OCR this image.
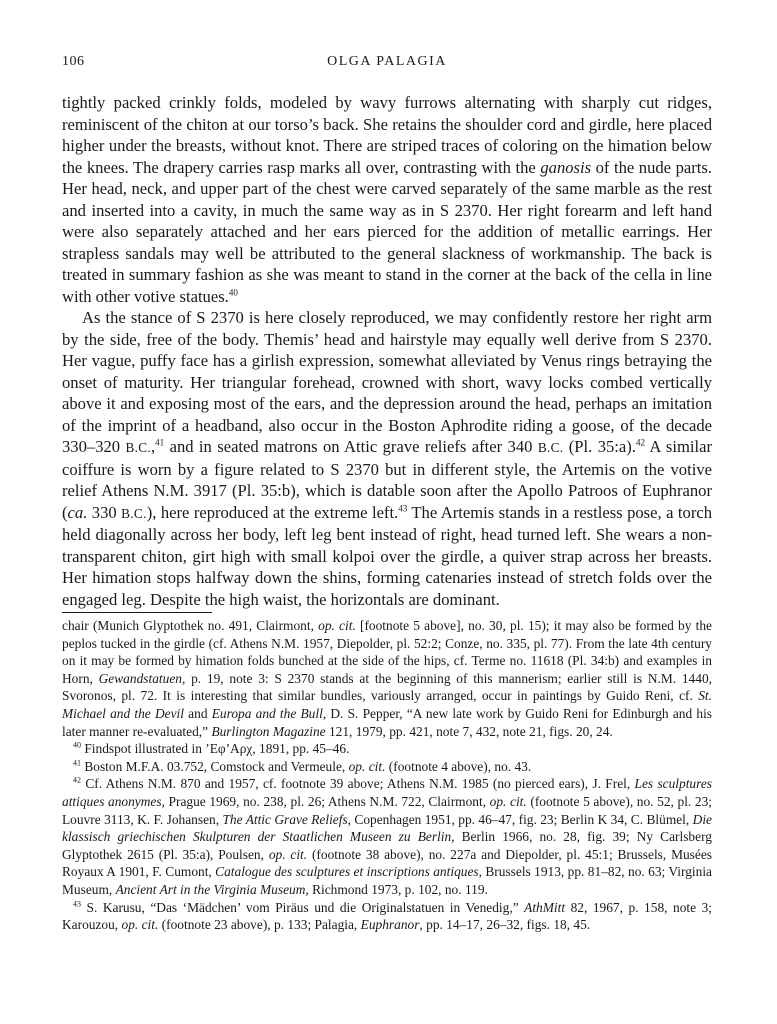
106	OLGA PALAGIA

tightly packed crinkly folds, modeled by wavy furrows alternating with sharply cut ridges, reminiscent of the chiton at our torso’s back. She retains the shoulder cord and girdle, here placed higher under the breasts, without knot. There are striped traces of coloring on the himation below the knees. The drapery carries rasp marks all over, contrasting with the ganosis of the nude parts. Her head, neck, and upper part of the chest were carved separately of the same marble as the rest and inserted into a cavity, in much the same way as in S 2370. Her right forearm and left hand were also separately attached and her ears pierced for the addition of metallic earrings. Her strapless sandals may well be attributed to the general slackness of workmanship. The back is treated in summary fashion as she was meant to stand in the corner at the back of the cella in line with other votive statues.$^{40}$

As the stance of S 2370 is here closely reproduced, we may confidently restore her right arm by the side, free of the body. Themis’ head and hairstyle may equally well derive from S 2370. Her vague, puffy face has a girlish expression, somewhat alleviated by Venus rings betraying the onset of maturity. Her triangular forehead, crowned with short, wavy locks combed vertically above it and exposing most of the ears, and the depression around the head, perhaps an imitation of the imprint of a headband, also occur in the Boston Aphrodite riding a goose, of the decade 330–320 B.C.,$^{41}$ and in seated matrons on Attic grave reliefs after 340 B.C. (Pl. 35:a).$^{42}$ A similar coiffure is worn by a figure related to S 2370 but in different style, the Artemis on the votive relief Athens N.M. 3917 (Pl. 35:b), which is datable soon after the Apollo Patroos of Euphranor (ca. 330 B.C.), here reproduced at the extreme left.$^{43}$ The Artemis stands in a restless pose, a torch held diagonally across her body, left leg bent instead of right, head turned left. She wears a non-transparent chiton, girt high with small kolpoi over the girdle, a quiver strap across her breasts. Her himation stops halfway down the shins, forming catenaries instead of stretch folds over the engaged leg. Despite the high waist, the horizontals are dominant.

chair (Munich Glyptothek no. 491, Clairmont, op. cit. [footnote 5 above], no. 30, pl. 15); it may also be formed by the peplos tucked in the girdle (cf. Athens N.M. 1957, Diepolder, pl. 52:2; Conze, no. 335, pl. 77). From the late 4th century on it may be formed by himation folds bunched at the side of the hips, cf. Terme no. 11618 (Pl. 34:b) and examples in Horn, Gewandstatuen, p. 19, note 3: S 2370 stands at the beginning of this mannerism; earlier still is N.M. 1440, Svoronos, pl. 72. It is interesting that similar bundles, variously arranged, occur in paintings by Guido Reni, cf. St. Michael and the Devil and Europa and the Bull, D. S. Pepper, “A new late work by Guido Reni for Edinburgh and his later manner re-evaluated,” Burlington Magazine 121, 1979, pp. 421, note 7, 432, note 21, figs. 20, 24.

$^{40}$ Findspot illustrated in ’Εφ’Αρχ, 1891, pp. 45–46.

$^{41}$ Boston M.F.A. 03.752, Comstock and Vermeule, op. cit. (footnote 4 above), no. 43.

$^{42}$ Cf. Athens N.M. 870 and 1957, cf. footnote 39 above; Athens N.M. 1985 (no pierced ears), J. Frel, Les sculptures attiques anonymes, Prague 1969, no. 238, pl. 26; Athens N.M. 722, Clairmont, op. cit. (footnote 5 above), no. 52, pl. 23; Louvre 3113, K. F. Johansen, The Attic Grave Reliefs, Copenhagen 1951, pp. 46–47, fig. 23; Berlin K 34, C. Blümel, Die klassisch griechischen Skulpturen der Staatlichen Museen zu Berlin, Berlin 1966, no. 28, fig. 39; Ny Carlsberg Glyptothek 2615 (Pl. 35:a), Poulsen, op. cit. (footnote 38 above), no. 227a and Diepolder, pl. 45:1; Brussels, Musées Royaux A 1901, F. Cumont, Catalogue des sculptures et inscriptions antiques, Brussels 1913, pp. 81–82, no. 63; Virginia Museum, Ancient Art in the Virginia Museum, Richmond 1973, p. 102, no. 119.

$^{43}$ S. Karusu, “Das ‘Mädchen’ vom Piräus und die Originalstatuen in Venedig,” AthMitt 82, 1967, p. 158, note 3; Karouzou, op. cit. (footnote 23 above), p. 133; Palagia, Euphranor, pp. 14–17, 26–32, figs. 18, 45.
